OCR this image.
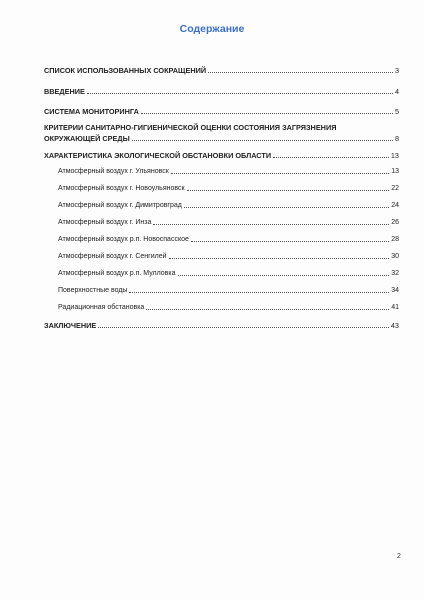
Содержание
СПИСОК ИСПОЛЬЗОВАННЫХ СОКРАЩЕНИЙ	3
ВВЕДЕНИЕ	4
СИСТЕМА МОНИТОРИНГА	5
КРИТЕРИИ САНИТАРНО-ГИГИЕНИЧЕСКОЙ ОЦЕНКИ СОСТОЯНИЯ ЗАГРЯЗНЕНИЯ
ОКРУЖАЮЩЕЙ СРЕДЫ	8
ХАРАКТЕРИСТИКА ЭКОЛОГИЧЕСКОЙ ОБСТАНОВКИ ОБЛАСТИ	13
Атмосферный воздух г. Ульяновск	13
Атмосферный воздух г. Новоульяновск	22
Атмосферный воздух г. Димитровград	24
Атмосферный воздух г. Инза	26
Атмосферный воздух р.п. Новоспасское	28
Атмосферный воздух г. Сенгилей	30
Атмосферный воздух р.п. Мулловка	32
Поверхностные воды	34
Радиационная обстановка	41
ЗАКЛЮЧЕНИЕ	43
2
